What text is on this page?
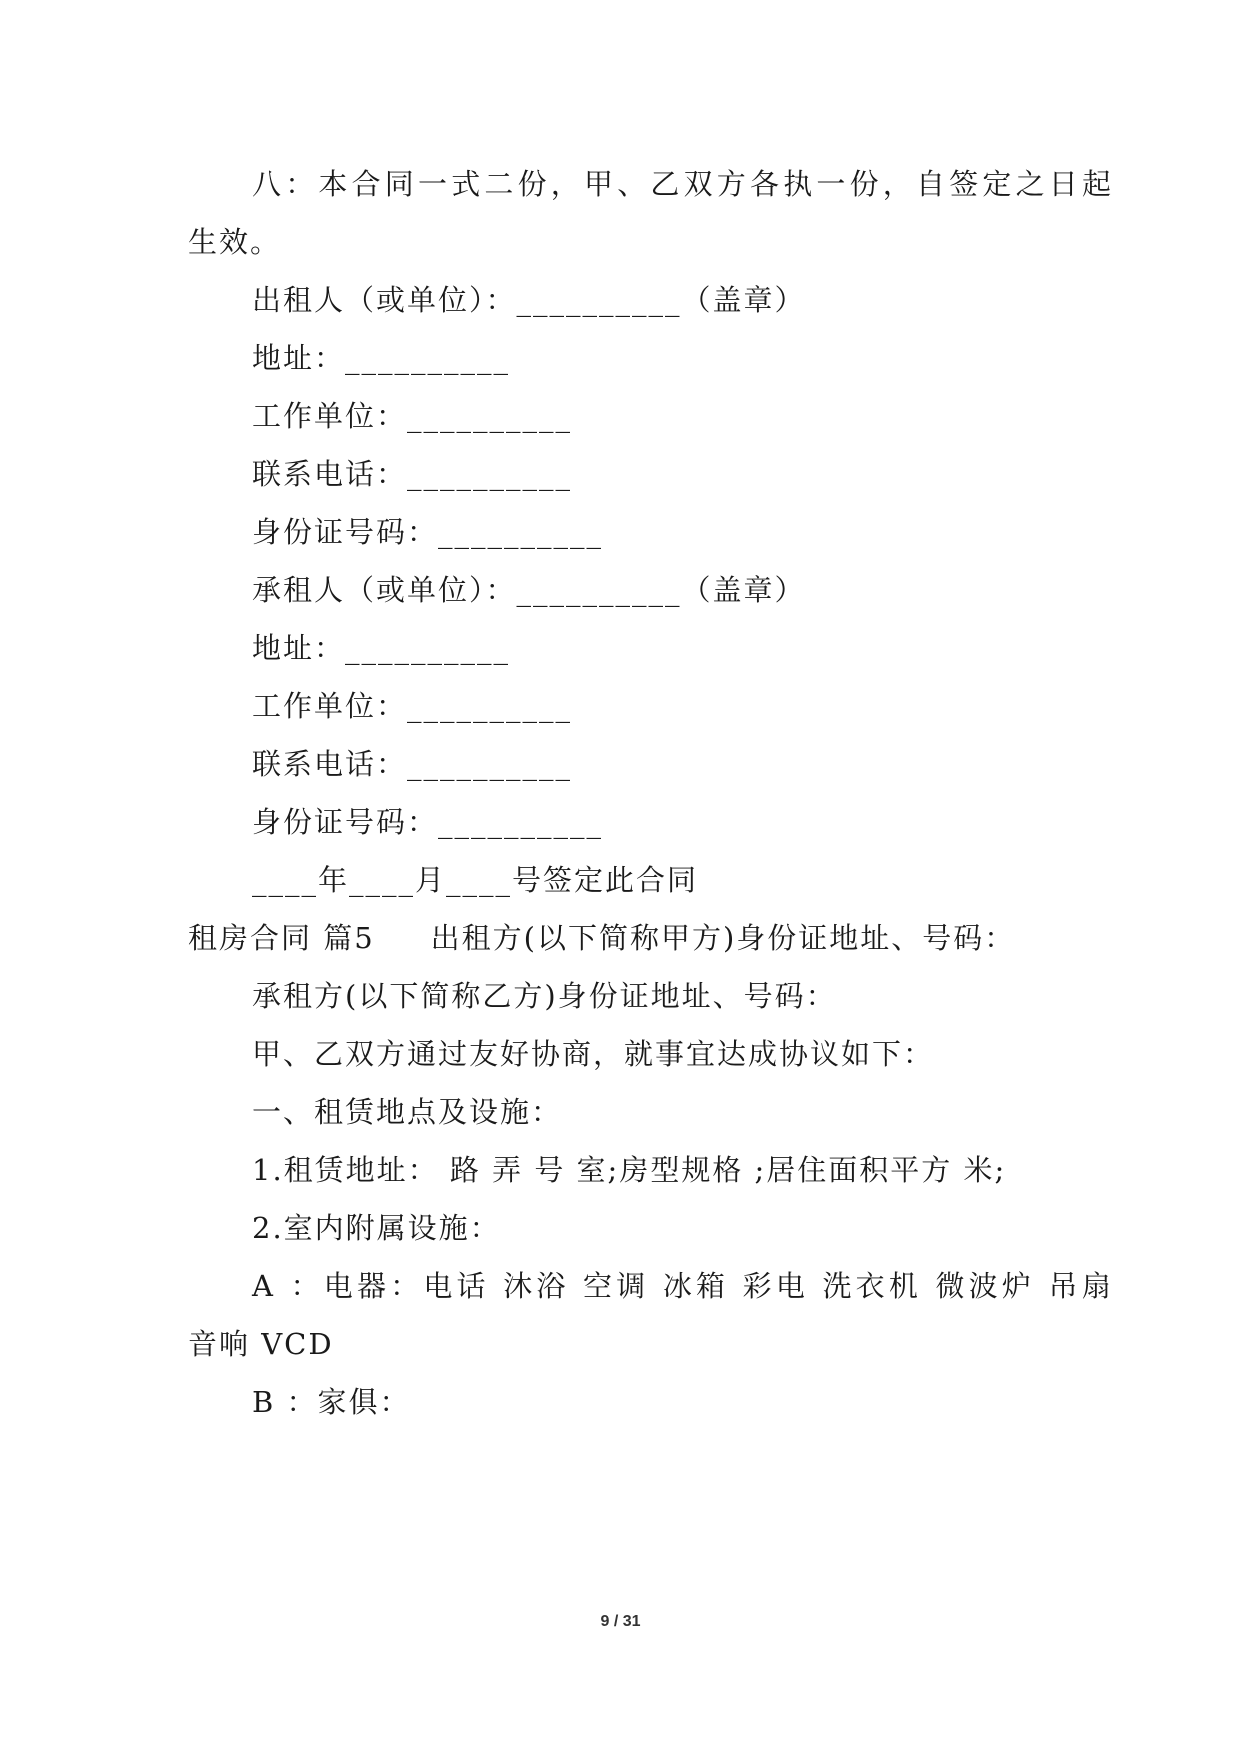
八：本合同一式二份，甲、乙双方各执一份，自签定之日起
生效。
出租人（或单位）：__________（盖章）
地址：__________
工作单位：__________
联系电话：__________
身份证号码：__________
承租人（或单位）：__________（盖章）
地址：__________
工作单位：__________
联系电话：__________
身份证号码：__________
____年____月____号签定此合同
租房合同 篇5 出租方(以下简称甲方)身份证地址、号码：
承租方(以下简称乙方)身份证地址、号码：
甲、乙双方通过友好协商，就事宜达成协议如下：
一、租赁地点及设施：
1.租赁地址： 路 弄 号 室;房型规格 ;居住面积平方 米;
2.室内附属设施：
A ：电器：电话 沐浴 空调 冰箱 彩电 洗衣机 微波炉 吊扇
音响 VCD
B ：家俱：
9 / 31
